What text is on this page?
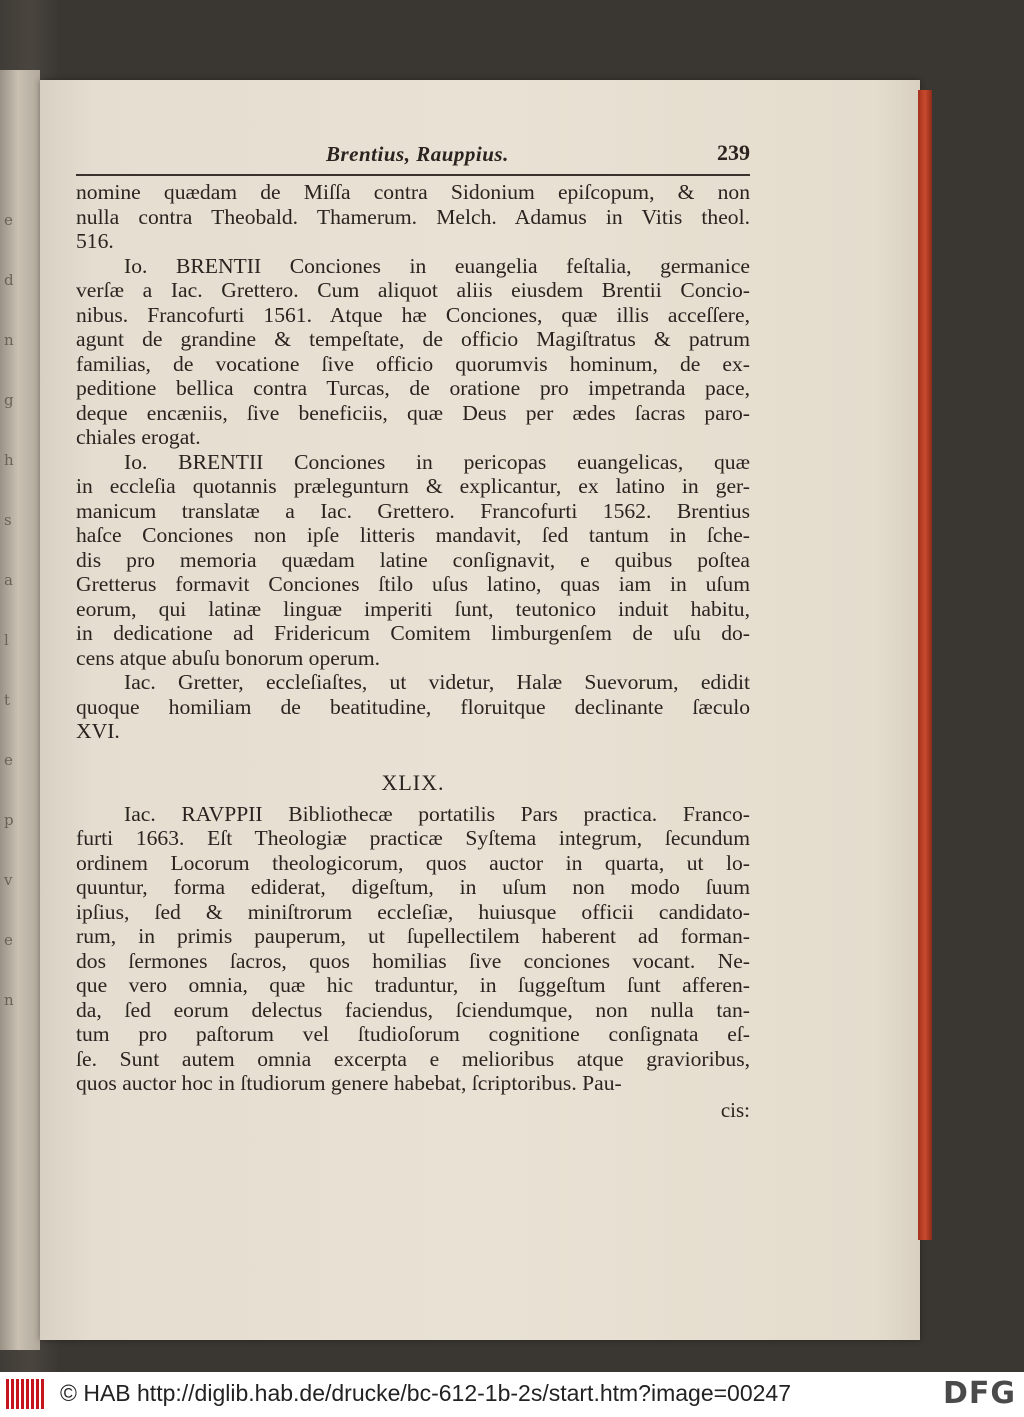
e
d
n
g
h
s
a
l
t
e
p
v
e
n
Brentius, Rauppius.	239
nomine quædam de Miſſa contra Sidonium epiſcopum, & non
nulla contra Theobald. Thamerum. Melch. Adamus in Vitis theol.
516.
Io. BRENTII Conciones in euangelia feſtalia, germanice
verſæ a Iac. Grettero. Cum aliquot aliis eiusdem Brentii Concio-
nibus. Francofurti 1561. Atque hæ Conciones, quæ illis acceſſere,
agunt de grandine & tempeſtate, de officio Magiſtratus & patrum
familias, de vocatione ſive officio quorumvis hominum, de ex-
peditione bellica contra Turcas, de oratione pro impetranda pace,
deque encæniis, ſive beneficiis, quæ Deus per ædes ſacras paro-
chiales erogat.
Io. BRENTII Conciones in pericopas euangelicas, quæ
in eccleſia quotannis prælegunturn & explicantur, ex latino in ger-
manicum translatæ a Iac. Grettero. Francofurti 1562. Brentius
haſce Conciones non ipſe litteris mandavit, ſed tantum in ſche-
dis pro memoria quædam latine conſignavit, e quibus poſtea
Gretterus formavit Conciones ſtilo uſus latino, quas iam in uſum
eorum, qui latinæ linguæ imperiti ſunt, teutonico induit habitu,
in dedicatione ad Fridericum Comitem limburgenſem de uſu do-
cens atque abuſu bonorum operum.
Iac. Gretter, eccleſiaſtes, ut videtur, Halæ Suevorum, edidit
quoque homiliam de beatitudine, floruitque declinante ſæculo
XVI.
XLIX.
Iac. RAVPPII Bibliothecæ portatilis Pars practica. Franco-
furti 1663. Eſt Theologiæ practicæ Syſtema integrum, ſecundum
ordinem Locorum theologicorum, quos auctor in quarta, ut lo-
quuntur, forma ediderat, digeſtum, in uſum non modo ſuum
ipſius, ſed & miniſtrorum eccleſiæ, huiusque officii candidato-
rum, in primis pauperum, ut ſupellectilem haberent ad forman-
dos ſermones ſacros, quos homilias ſive conciones vocant. Ne-
que vero omnia, quæ hic traduntur, in ſuggeſtum ſunt afferen-
da, ſed eorum delectus faciendus, ſciendumque, non nulla tan-
tum pro paſtorum vel ſtudioſorum cognitione conſignata eſ-
ſe. Sunt autem omnia excerpta e melioribus atque gravioribus,
quos auctor hoc in ſtudiorum genere habebat, ſcriptoribus. Pau-
cis:
© HAB http://diglib.hab.de/drucke/bc-612-1b-2s/start.htm?image=00247	DFG
